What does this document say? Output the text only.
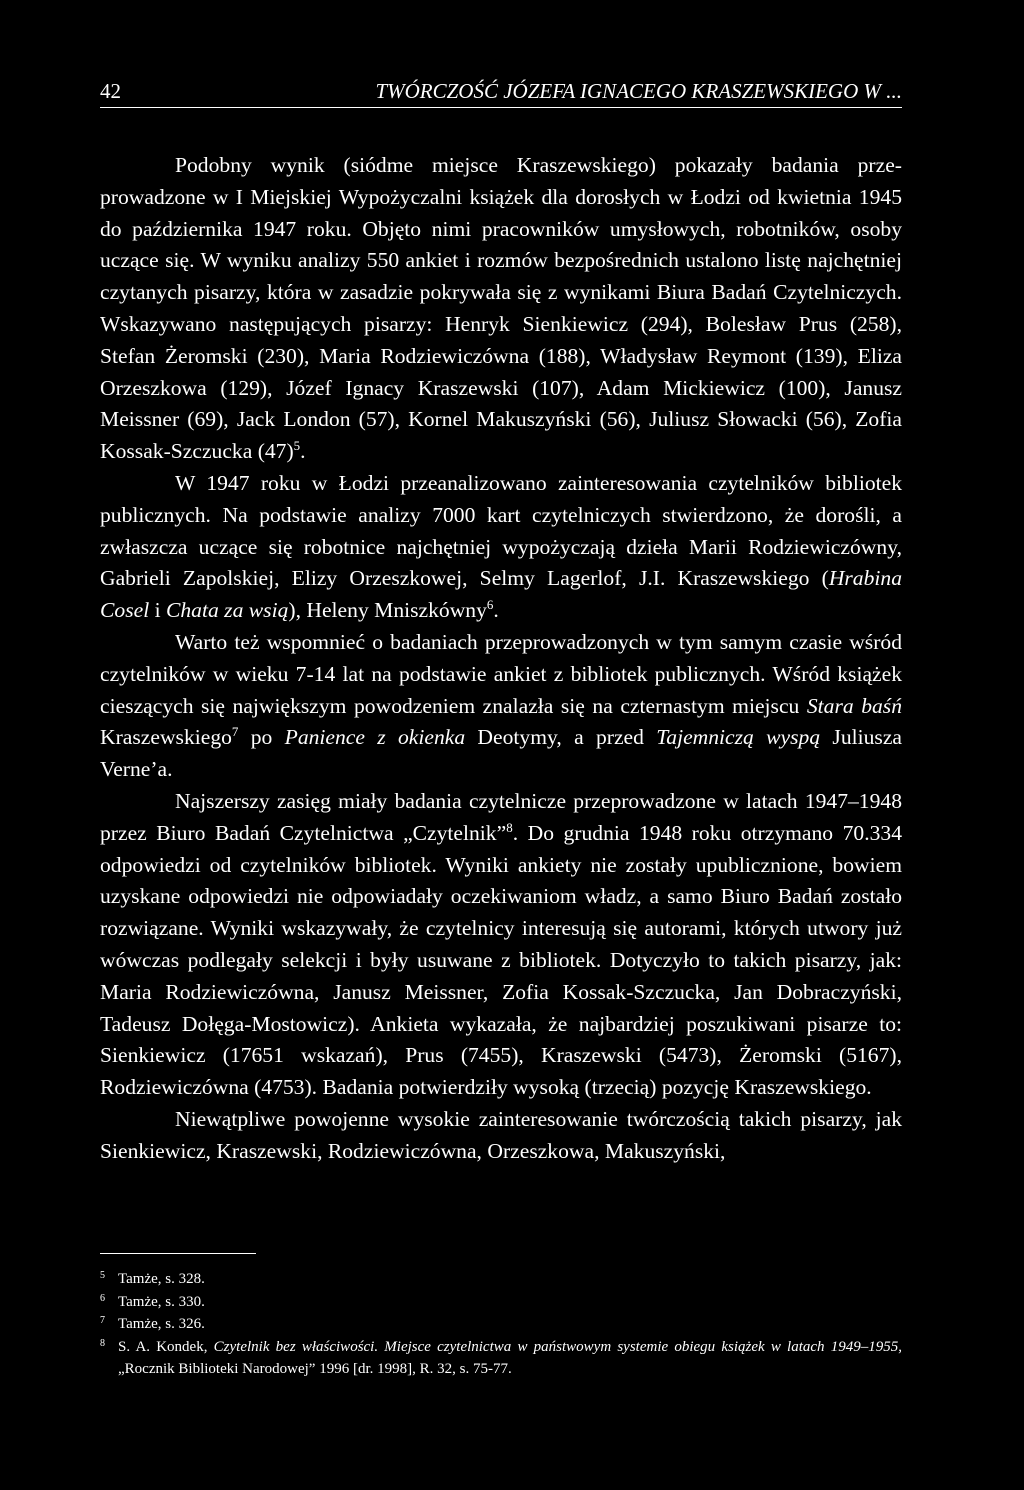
42	TWÓRCZOŚĆ JÓZEFA IGNACEGO KRASZEWSKIEGO W ...

Podobny wynik (siódme miejsce Kraszewskiego) pokazały badania przeprowadzone w I Miejskiej Wypożyczalni książek dla dorosłych w Łodzi od kwietnia 1945 do października 1947 roku. Objęto nimi pracowników umysłowych, robotników, osoby uczące się. W wyniku analizy 550 ankiet i rozmów bezpośrednich ustalono listę najchętniej czytanych pisarzy, która w zasadzie pokrywała się z wynikami Biura Badań Czytelniczych. Wskazywano następujących pisarzy: Henryk Sienkiewicz (294), Bolesław Prus (258), Stefan Żeromski (230), Maria Rodziewiczówna (188), Władysław Reymont (139), Eliza Orzeszkowa (129), Józef Ignacy Kraszewski (107), Adam Mickiewicz (100), Janusz Meissner (69), Jack London (57), Kornel Makuszyński (56), Juliusz Słowacki (56), Zofia Kossak-Szczucka $(47)^5$.

W 1947 roku w Łodzi przeanalizowano zainteresowania czytelników bibliotek publicznych. Na podstawie analizy 7000 kart czytelniczych stwierdzono, że dorośli, a zwłaszcza uczące się robotnice najchętniej wypożyczają dzieła Marii Rodziewiczówny, Gabrieli Zapolskiej, Elizy Orzeszkowej, Selmy Lagerlof, J.I. Kraszewskiego (Hrabina Cosel i Chata za wsią), Heleny Mniszkówny$^6$.

Warto też wspomnieć o badaniach przeprowadzonych w tym samym czasie wśród czytelników w wieku 7-14 lat na podstawie ankiet z bibliotek publicznych. Wśród książek cieszących się największym powodzeniem znalazła się na czternastym miejscu Stara baśń Kraszewskiego$^7$ po Panience z okienka Deotymy, a przed Tajemniczą wyspą Juliusza Verne’a.

Najszerszy zasięg miały badania czytelnicze przeprowadzone w latach 1947–1948 przez Biuro Badań Czytelnictwa „Czytelnik”$^8$. Do grudnia 1948 roku otrzymano 70.334 odpowiedzi od czytelników bibliotek. Wyniki ankiety nie zostały upublicznione, bowiem uzyskane odpowiedzi nie odpowiadały oczekiwaniom władz, a samo Biuro Badań zostało rozwiązane. Wyniki wskazywały, że czytelnicy interesują się autorami, których utwory już wówczas podlegały selekcji i były usuwane z bibliotek. Dotyczyło to takich pisarzy, jak: Maria Rodziewiczówna, Janusz Meissner, Zofia Kossak-Szczucka, Jan Dobraczyński, Tadeusz Dołęga-Mostowicz). Ankieta wykazała, że najbardziej poszukiwani pisarze to: Sienkiewicz (17651 wskazań), Prus (7455), Kraszewski (5473), Żeromski (5167), Rodziewiczówna (4753). Badania potwierdziły wysoką (trzecią) pozycję Kraszewskiego.

Niewątpliwe powojenne wysokie zainteresowanie twórczością takich pisarzy, jak Sienkiewicz, Kraszewski, Rodziewiczówna, Orzeszkowa, Makuszyński,

5 Tamże, s. 328.
6 Tamże, s. 330.
7 Tamże, s. 326.
8 S. A. Kondek, Czytelnik bez właściwości. Miejsce czytelnictwa w państwowym systemie obiegu książek w latach 1949–1955, „Rocznik Biblioteki Narodowej” 1996 [dr. 1998], R. 32, s. 75-77.
